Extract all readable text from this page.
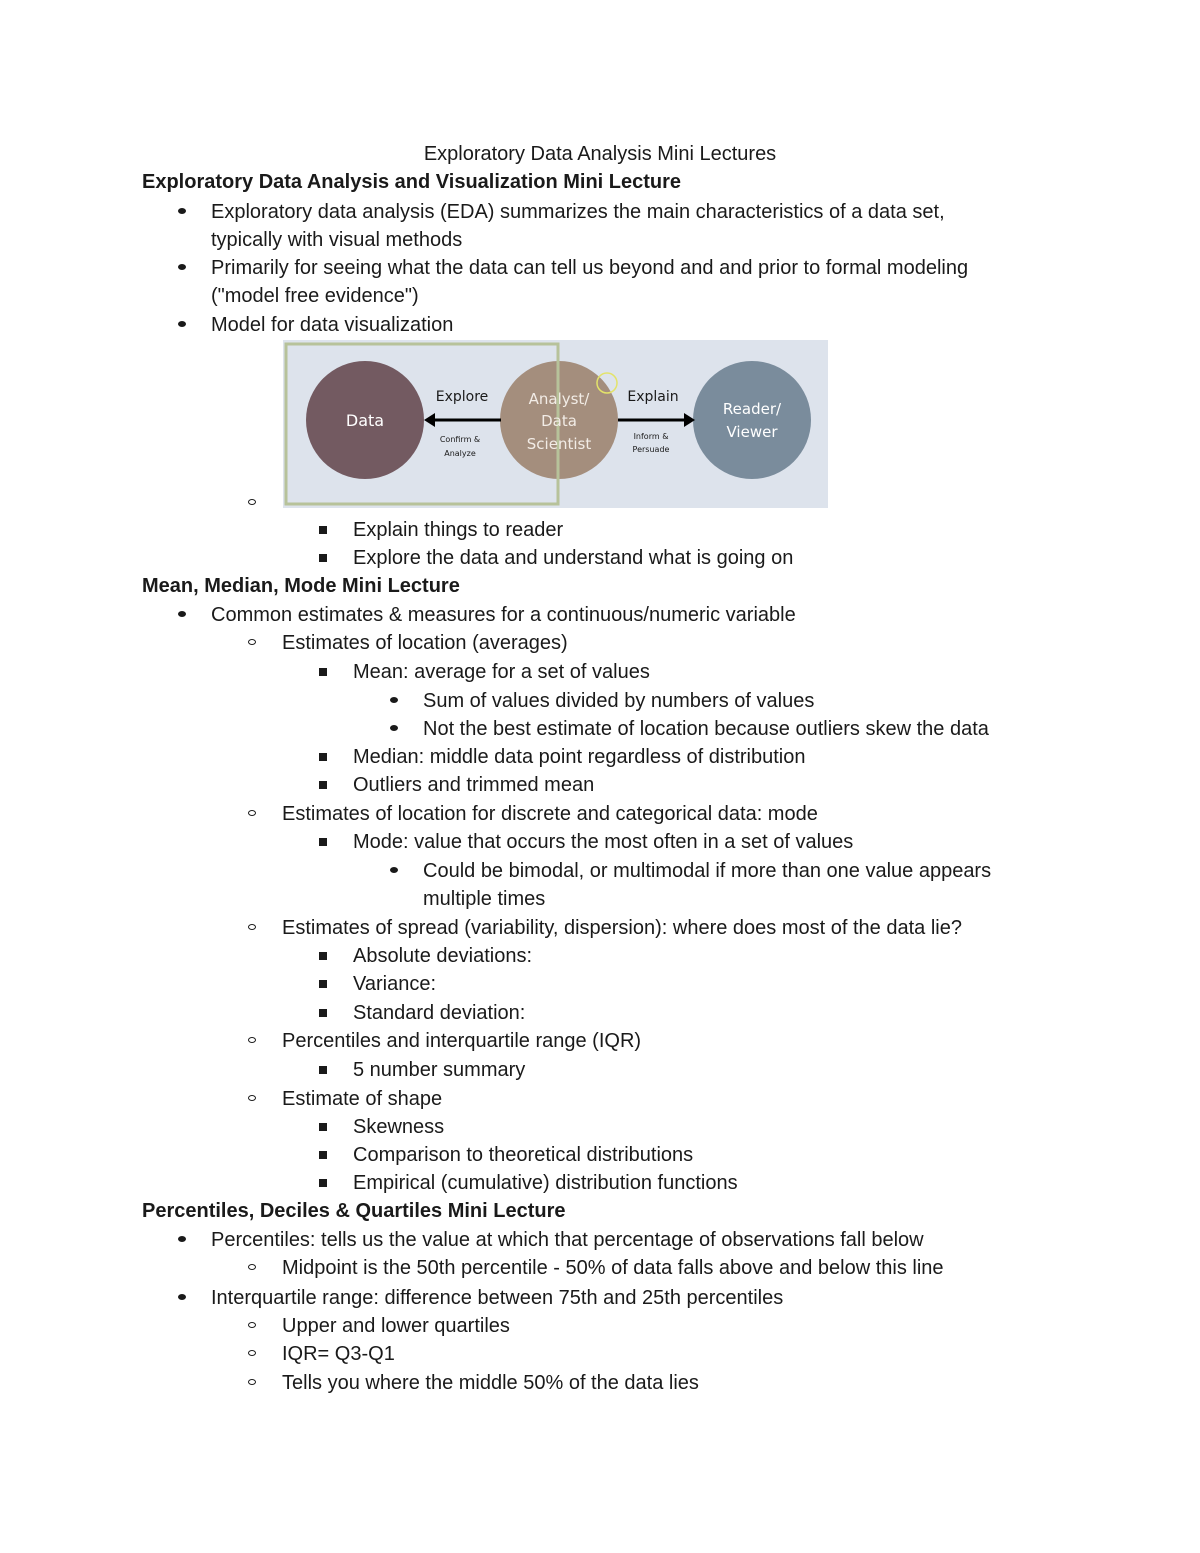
Exploratory Data Analysis Mini Lectures
Exploratory Data Analysis and Visualization Mini Lecture
Exploratory data analysis (EDA) summarizes the main characteristics of a data set,
typically with visual methods
Primarily for seeing what the data can tell us beyond and and prior to formal modeling
("model free evidence")
Model for data visualization
Data
Analyst/
Data
Scientist
Reader/
Viewer
Explore
Confirm &
Analyze
Explain
Inform &
Persuade
Explain things to reader
Explore the data and understand what is going on
Mean, Median, Mode Mini Lecture
Common estimates & measures for a continuous/numeric variable
Estimates of location (averages)
Mean: average for a set of values
Sum of values divided by numbers of values
Not the best estimate of location because outliers skew the data
Median: middle data point regardless of distribution
Outliers and trimmed mean
Estimates of location for discrete and categorical data: mode
Mode: value that occurs the most often in a set of values
Could be bimodal, or multimodal if more than one value appears
multiple times
Estimates of spread (variability, dispersion): where does most of the data lie?
Absolute deviations:
Variance:
Standard deviation:
Percentiles and interquartile range (IQR)
5 number summary
Estimate of shape
Skewness
Comparison to theoretical distributions
Empirical (cumulative) distribution functions
Percentiles, Deciles & Quartiles Mini Lecture
Percentiles: tells us the value at which that percentage of observations fall below
Midpoint is the 50th percentile - 50% of data falls above and below this line
Interquartile range: difference between 75th and 25th percentiles
Upper and lower quartiles
IQR= Q3-Q1
Tells you where the middle 50% of the data lies
